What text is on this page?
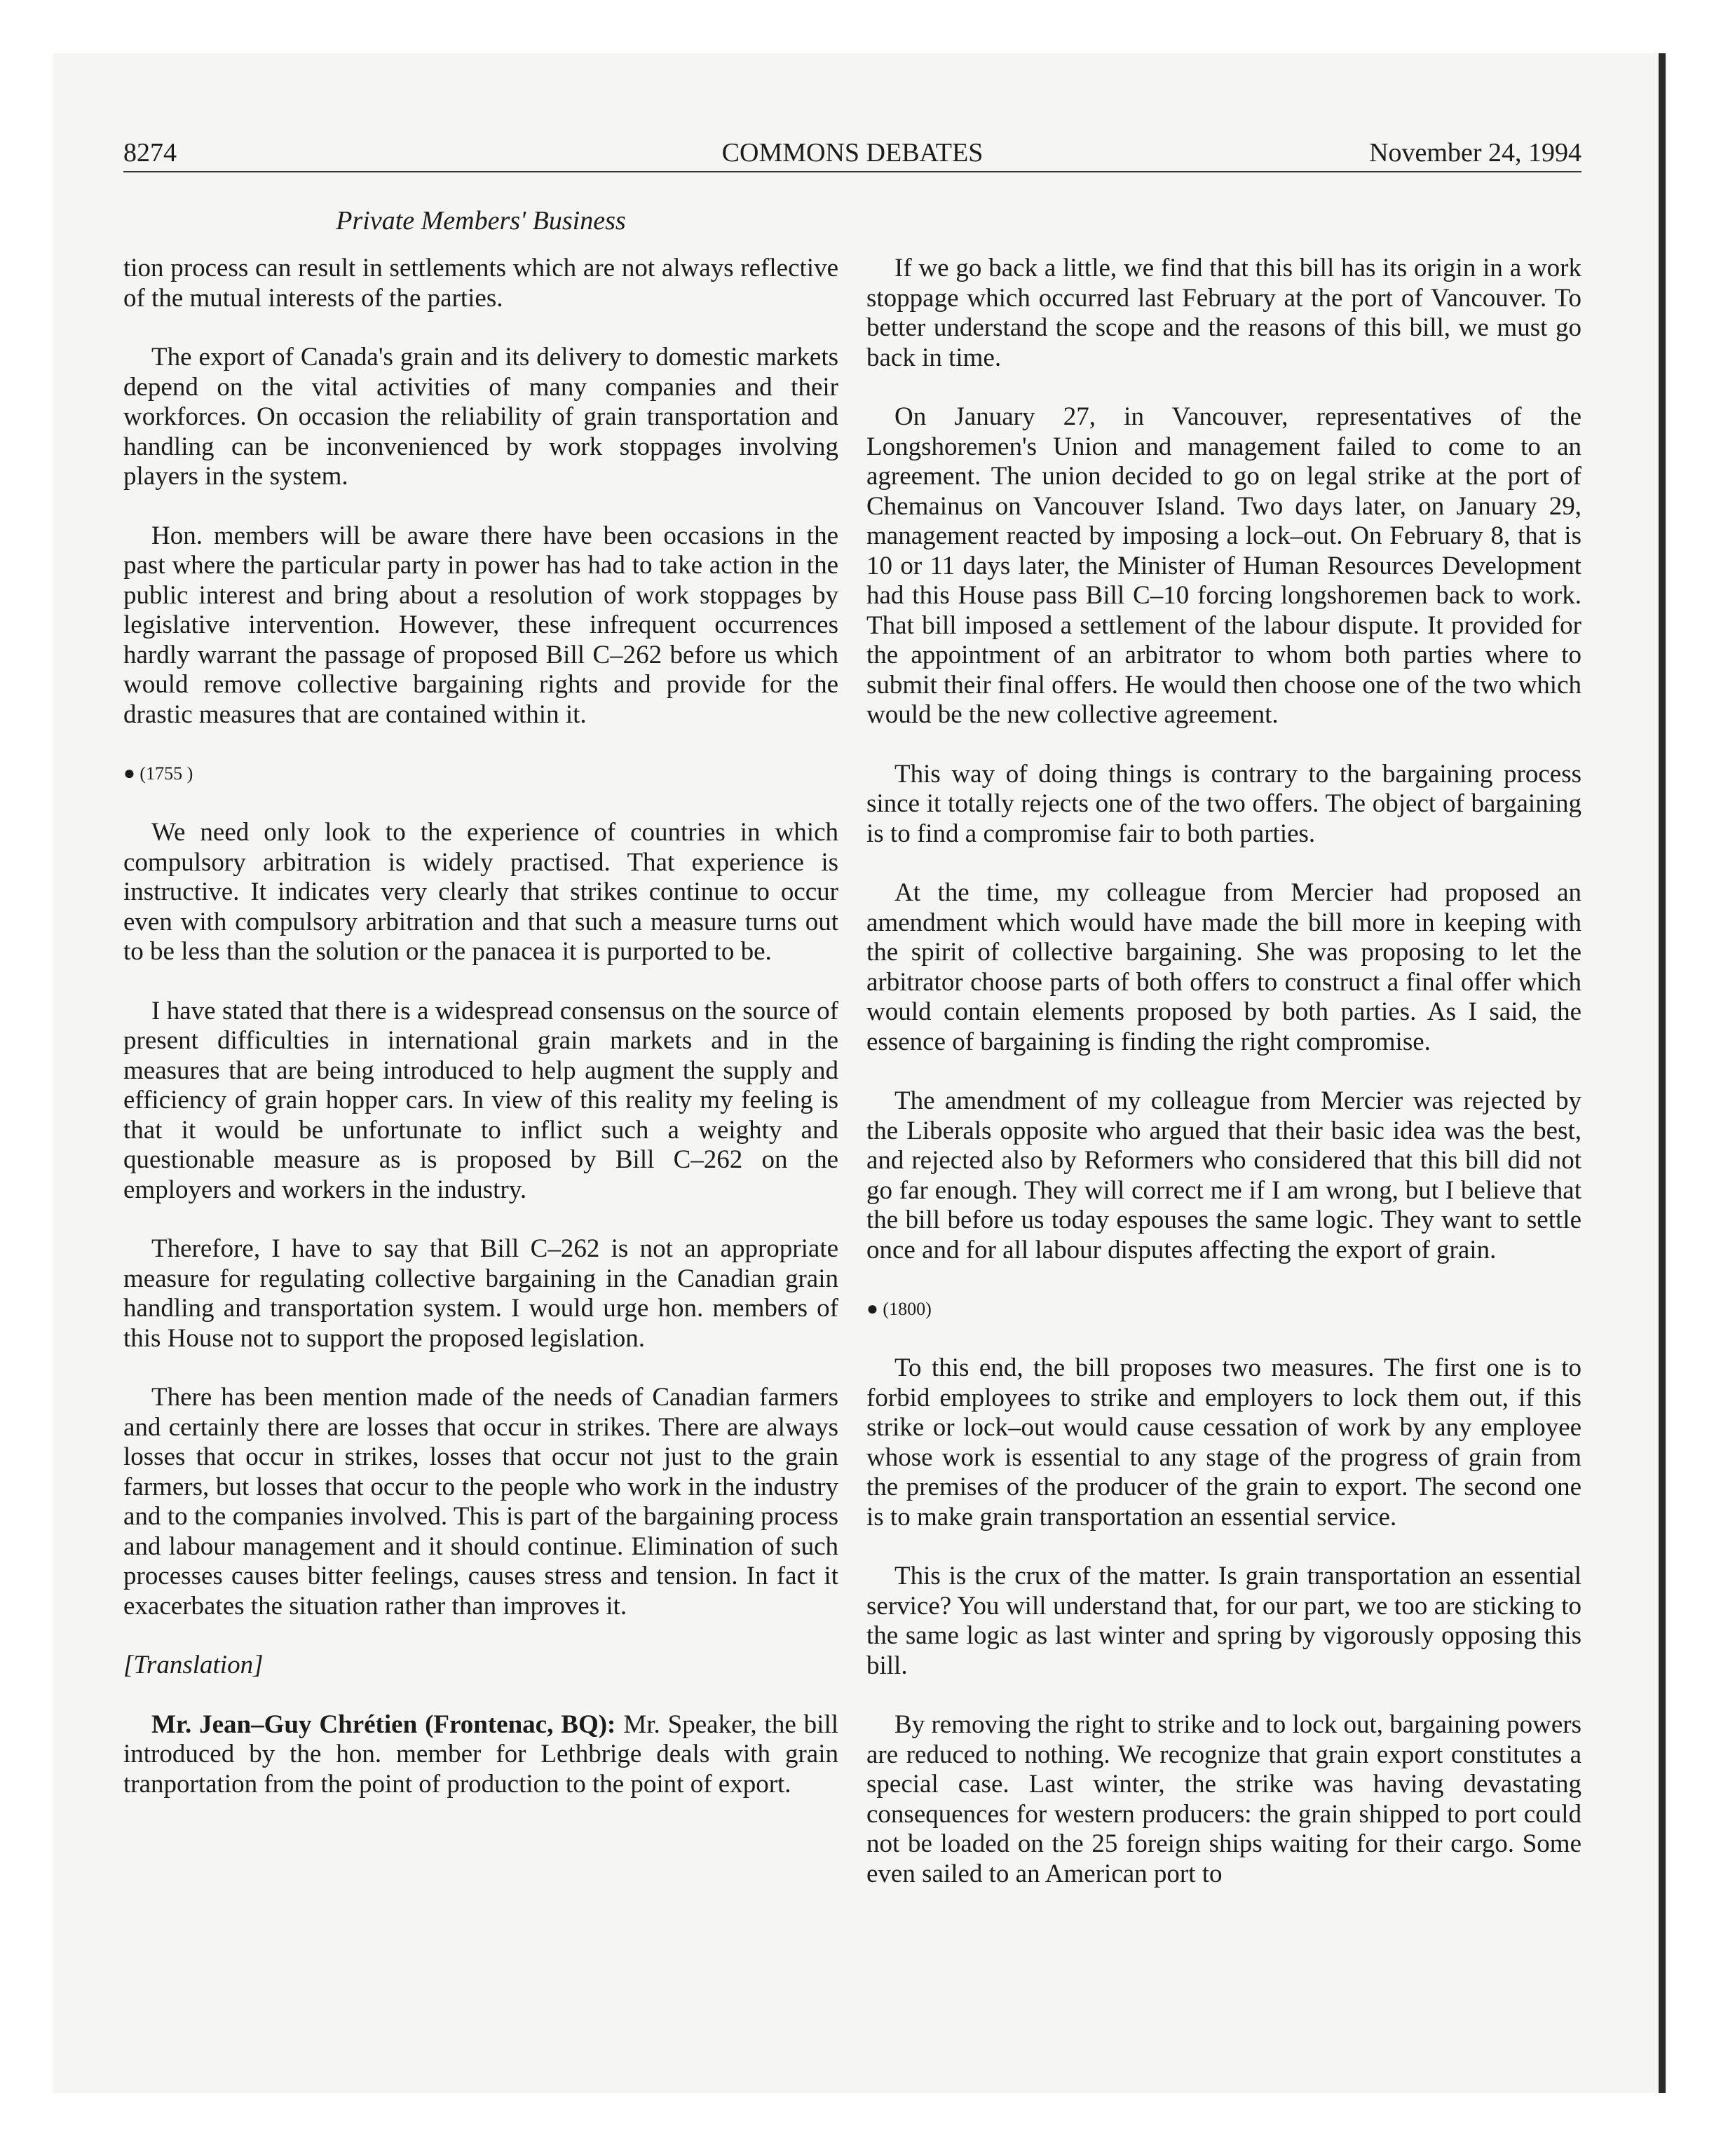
8274	COMMONS DEBATES	November 24, 1994
Private Members' Business

tion process can result in settlements which are not always reflective of the mutual interests of the parties.

The export of Canada's grain and its delivery to domestic markets depend on the vital activities of many companies and their workforces. On occasion the reliability of grain transportation and handling can be inconvenienced by work stoppages involving players in the system.

Hon. members will be aware there have been occasions in the past where the particular party in power has had to take action in the public interest and bring about a resolution of work stoppages by legislative intervention. However, these infrequent occurrences hardly warrant the passage of proposed Bill C–262 before us which would remove collective bargaining rights and provide for the drastic measures that are contained within it.

● (1755 )

We need only look to the experience of countries in which compulsory arbitration is widely practised. That experience is instructive. It indicates very clearly that strikes continue to occur even with compulsory arbitration and that such a measure turns out to be less than the solution or the panacea it is purported to be.

I have stated that there is a widespread consensus on the source of present difficulties in international grain markets and in the measures that are being introduced to help augment the supply and efficiency of grain hopper cars. In view of this reality my feeling is that it would be unfortunate to inflict such a weighty and questionable measure as is proposed by Bill C–262 on the employers and workers in the industry.

Therefore, I have to say that Bill C–262 is not an appropriate measure for regulating collective bargaining in the Canadian grain handling and transportation system. I would urge hon. members of this House not to support the proposed legislation.

There has been mention made of the needs of Canadian farmers and certainly there are losses that occur in strikes. There are always losses that occur in strikes, losses that occur not just to the grain farmers, but losses that occur to the people who work in the industry and to the companies involved. This is part of the bargaining process and labour management and it should continue. Elimination of such processes causes bitter feelings, causes stress and tension. In fact it exacerbates the situation rather than improves it.

[Translation]

Mr. Jean–Guy Chrétien (Frontenac, BQ): Mr. Speaker, the bill introduced by the hon. member for Lethbrige deals with grain tranportation from the point of production to the point of export.

If we go back a little, we find that this bill has its origin in a work stoppage which occurred last February at the port of Vancouver. To better understand the scope and the reasons of this bill, we must go back in time.

On January 27, in Vancouver, representatives of the Longshoremen's Union and management failed to come to an agreement. The union decided to go on legal strike at the port of Chemainus on Vancouver Island. Two days later, on January 29, management reacted by imposing a lock–out. On February 8, that is 10 or 11 days later, the Minister of Human Resources Development had this House pass Bill C–10 forcing longshoremen back to work. That bill imposed a settlement of the labour dispute. It provided for the appointment of an arbitrator to whom both parties where to submit their final offers. He would then choose one of the two which would be the new collective agreement.

This way of doing things is contrary to the bargaining process since it totally rejects one of the two offers. The object of bargaining is to find a compromise fair to both parties.

At the time, my colleague from Mercier had proposed an amendment which would have made the bill more in keeping with the spirit of collective bargaining. She was proposing to let the arbitrator choose parts of both offers to construct a final offer which would contain elements proposed by both parties. As I said, the essence of bargaining is finding the right compromise.

The amendment of my colleague from Mercier was rejected by the Liberals opposite who argued that their basic idea was the best, and rejected also by Reformers who considered that this bill did not go far enough. They will correct me if I am wrong, but I believe that the bill before us today espouses the same logic. They want to settle once and for all labour disputes affecting the export of grain.

● (1800)

To this end, the bill proposes two measures. The first one is to forbid employees to strike and employers to lock them out, if this strike or lock–out would cause cessation of work by any employee whose work is essential to any stage of the progress of grain from the premises of the producer of the grain to export. The second one is to make grain transportation an essential service.

This is the crux of the matter. Is grain transportation an essential service? You will understand that, for our part, we too are sticking to the same logic as last winter and spring by vigorously opposing this bill.

By removing the right to strike and to lock out, bargaining powers are reduced to nothing. We recognize that grain export constitutes a special case. Last winter, the strike was having devastating consequences for western producers: the grain shipped to port could not be loaded on the 25 foreign ships waiting for their cargo. Some even sailed to an American port to
